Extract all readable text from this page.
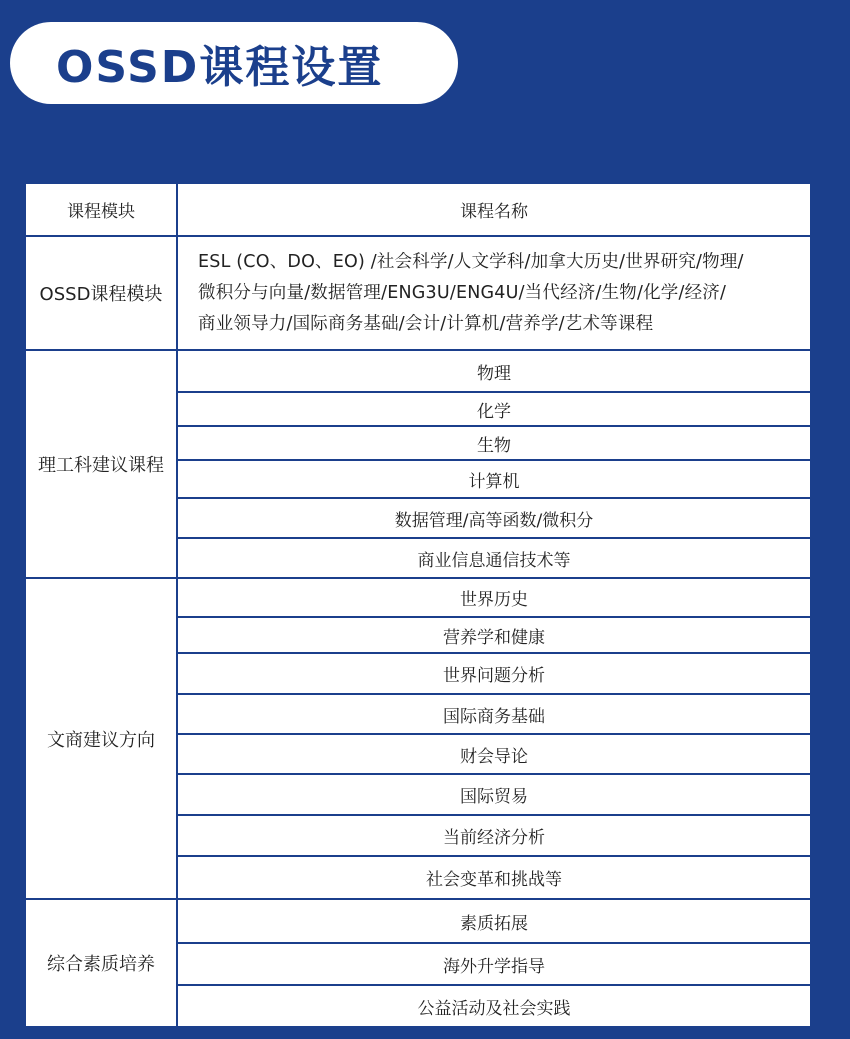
OSSD课程设置
课程模块	课程名称
OSSD课程模块	ESL (CO、DO、EO) /社会科学/人文学科/加拿大历史/世界研究/物理/
微积分与向量/数据管理/ENG3U/ENG4U/当代经济/生物/化学/经济/
商业领导力/国际商务基础/会计/计算机/营养学/艺术等课程

理工科建议课程	物理
	化学
	生物
	计算机
	数据管理/高等函数/微积分
	商业信息通信技术等
文商建议方向	世界历史
	营养学和健康
	世界问题分析
	国际商务基础
	财会导论
	国际贸易
	当前经济分析
	社会变革和挑战等
综合素质培养	素质拓展
	海外升学指导
	公益活动及社会实践
